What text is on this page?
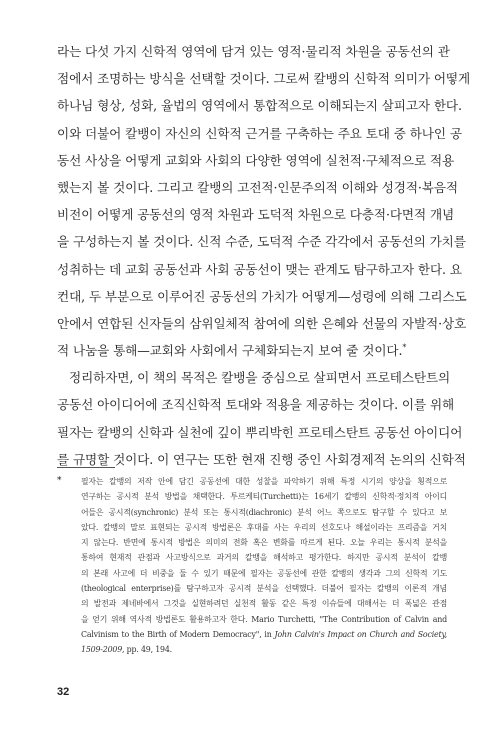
라는 다섯 가지 신학적 영역에 담겨 있는 영적·물리적 차원을 공동선의 관
점에서 조명하는 방식을 선택할 것이다. 그로써 칼뱅의 신학적 의미가 어떻게
하나님 형상, 성화, 율법의 영역에서 통합적으로 이해되는지 살피고자 한다.
이와 더불어 칼뱅이 자신의 신학적 근거를 구축하는 주요 토대 중 하나인 공
동선 사상을 어떻게 교회와 사회의 다양한 영역에 실천적·구체적으로 적용
했는지 볼 것이다. 그리고 칼뱅의 고전적·인문주의적 이해와 성경적·복음적
비전이 어떻게 공동선의 영적 차원과 도덕적 차원으로 다층적·다면적 개념
을 구성하는지 볼 것이다. 신적 수준, 도덕적 수준 각각에서 공동선의 가치를
성취하는 데 교회 공동선과 사회 공동선이 맺는 관계도 탐구하고자 한다. 요
컨대, 두 부분으로 이루어진 공동선의 가치가 어떻게—성령에 의해 그리스도
안에서 연합된 신자들의 삼위일체적 참여에 의한 은혜와 선물의 자발적·상호
적 나눔을 통해—교회와 사회에서 구체화되는지 보여 줄 것이다.*
정리하자면, 이 책의 목적은 칼뱅을 중심으로 살피면서 프로테스탄트의
공동선 아이디어에 조직신학적 토대와 적용을 제공하는 것이다. 이를 위해
필자는 칼뱅의 신학과 실천에 깊이 뿌리박힌 프로테스탄트 공동선 아이디어
를 규명할 것이다. 이 연구는 또한 현재 진행 중인 사회경제적 논의의 신학적
* 필자는 칼뱅의 저작 안에 담긴 공동선에 대한 성찰을 파악하기 위해 특정 시기의 양상을 횡적으로
연구하는 공시적 분석 방법을 채택한다. 투르케티(Turchetti)는 16세기 칼뱅의 신학적·정치적 아이디
어들은 공시적(synchronic) 분석 또는 통시적(diachronic) 분석 어느 쪽으로도 탐구할 수 있다고 보
았다. 칼뱅의 말로 표현되는 공시적 방법론은 후대를 사는 우리의 선호도나 해설이라는 프리즘을 거치
지 않는다. 반면에 통시적 방법은 의미의 전화 혹은 변화를 따르게 된다. 오늘 우리는 통시적 분석을
통하여 현재적 관점과 사고방식으로 과거의 칼뱅을 해석하고 평가한다. 하지만 공시적 분석이 칼뱅
의 본래 사고에 더 비중을 둘 수 있기 때문에 필자는 공동선에 관한 칼뱅의 생각과 그의 신학적 기도
(theological enterprise)를 탐구하고자 공시적 분석을 선택했다. 더불어 필자는 칼뱅의 이론적 개념
의 발전과 제네바에서 그것을 실현하려던 실천적 활동 같은 특정 이슈들에 대해서는 더 폭넓은 관점
을 얻기 위해 역사적 방법론도 활용하고자 한다. Mario Turchetti, "The Contribution of Calvin and
Calvinism to the Birth of Modern Democracy", in John Calvin's Impact on Church and Society,
1509-2009, pp. 49, 194.
32
